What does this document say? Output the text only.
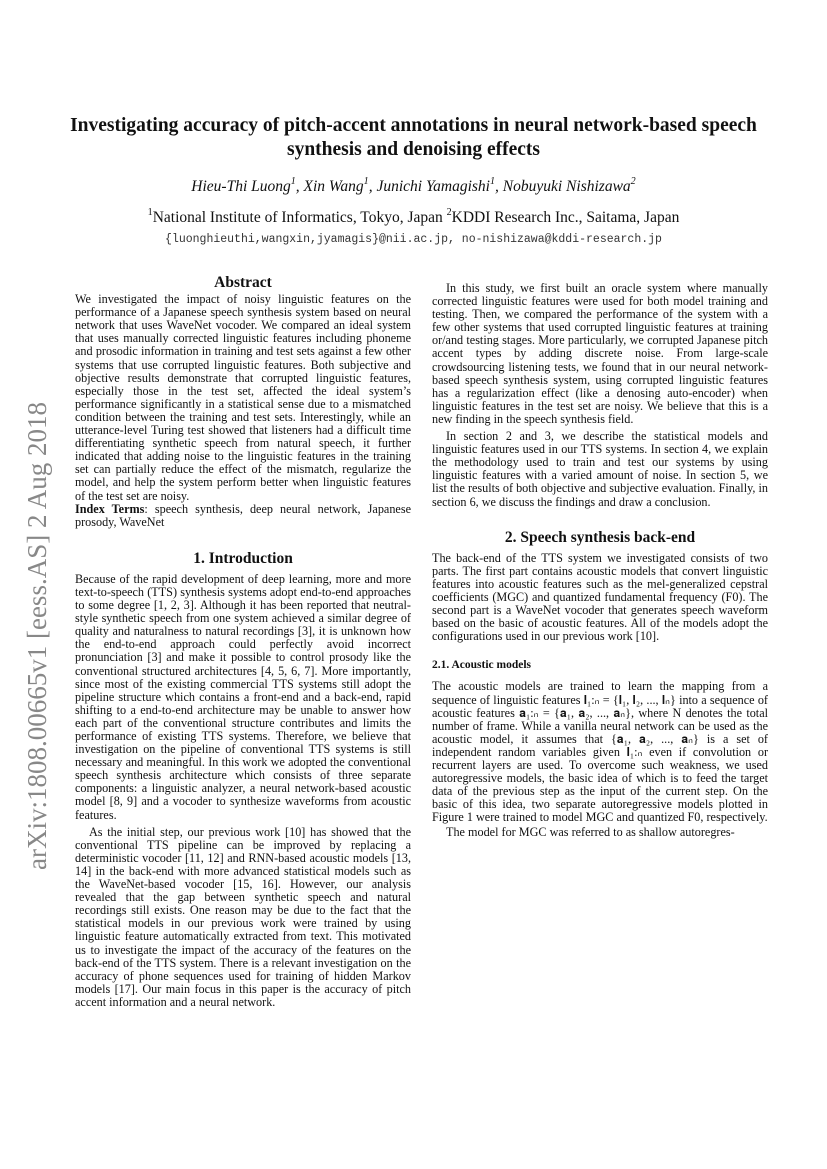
arXiv:1808.00665v1 [eess.AS] 2 Aug 2018
Investigating accuracy of pitch-accent annotations in neural network-based speech synthesis and denoising effects
Hieu-Thi Luong$^1$, Xin Wang$^1$, Junichi Yamagishi$^1$, Nobuyuki Nishizawa$^2$
$^1$National Institute of Informatics, Tokyo, Japan $^2$KDDI Research Inc., Saitama, Japan
{luonghieuthi,wangxin,jyamagis}@nii.ac.jp, no-nishizawa@kddi-research.jp
Abstract

We investigated the impact of noisy linguistic features on the performance of a Japanese speech synthesis system based on neural network that uses WaveNet vocoder. We compared an ideal system that uses manually corrected linguistic features including phoneme and prosodic information in training and test sets against a few other systems that use corrupted linguistic features. Both subjective and objective results demonstrate that corrupted linguistic features, especially those in the test set, affected the ideal system’s performance significantly in a statistical sense due to a mismatched condition between the training and test sets. Interestingly, while an utterance-level Turing test showed that listeners had a difficult time differentiating synthetic speech from natural speech, it further indicated that adding noise to the linguistic features in the training set can partially reduce the effect of the mismatch, regularize the model, and help the system perform better when linguistic features of the test set are noisy.

Index Terms: speech synthesis, deep neural network, Japanese prosody, WaveNet

1. Introduction

Because of the rapid development of deep learning, more and more text-to-speech (TTS) synthesis systems adopt end-to-end approaches to some degree [1, 2, 3]. Although it has been reported that neutral-style synthetic speech from one system achieved a similar degree of quality and naturalness to natural recordings [3], it is unknown how the end-to-end approach could perfectly avoid incorrect pronunciation [3] and make it possible to control prosody like the conventional structured architectures [4, 5, 6, 7]. More importantly, since most of the existing commercial TTS systems still adopt the pipeline structure which contains a front-end and a back-end, rapid shifting to a end-to-end architecture may be unable to answer how each part of the conventional structure contributes and limits the performance of existing TTS systems. Therefore, we believe that investigation on the pipeline of conventional TTS systems is still necessary and meaningful. In this work we adopted the conventional speech synthesis architecture which consists of three separate components: a linguistic analyzer, a neural network-based acoustic model [8, 9] and a vocoder to synthesize waveforms from acoustic features.

As the initial step, our previous work [10] has showed that the conventional TTS pipeline can be improved by replacing a deterministic vocoder [11, 12] and RNN-based acoustic models [13, 14] in the back-end with more advanced statistical models such as the WaveNet-based vocoder [15, 16]. However, our analysis revealed that the gap between synthetic speech and natural recordings still exists. One reason may be due to the fact that the statistical models in our previous work were trained by using linguistic feature automatically extracted from text. This motivated us to investigate the impact of the accuracy of the features on the back-end of the TTS system. There is a relevant investigation on the accuracy of phone sequences used for training of hidden Markov models [17]. Our main focus in this paper is the accuracy of pitch accent information and a neural network.

In this study, we first built an oracle system where manually corrected linguistic features were used for both model training and testing. Then, we compared the performance of the system with a few other systems that used corrupted linguistic features at training or/and testing stages. More particularly, we corrupted Japanese pitch accent types by adding discrete noise. From large-scale crowdsourcing listening tests, we found that in our neural network-based speech synthesis system, using corrupted linguistic features has a regularization effect (like a denosing auto-encoder) when linguistic features in the test set are noisy. We believe that this is a new finding in the speech synthesis field.

In section 2 and 3, we describe the statistical models and linguistic features used in our TTS systems. In section 4, we explain the methodology used to train and test our systems by using linguistic features with a varied amount of noise. In section 5, we list the results of both objective and subjective evaluation. Finally, in section 6, we discuss the findings and draw a conclusion.

2. Speech synthesis back-end

The back-end of the TTS system we investigated consists of two parts. The first part contains acoustic models that convert linguistic features into acoustic features such as the mel-generalized cepstral coefficients (MGC) and quantized fundamental frequency (F0). The second part is a WaveNet vocoder that generates speech waveform based on the basic of acoustic features. All of the models adopt the configurations used in our previous work [10].

2.1. Acoustic models

The acoustic models are trained to learn the mapping from a sequence of linguistic features 𝐥₁:ₙ = {𝐥₁, 𝐥₂, ..., 𝐥ₙ} into a sequence of acoustic features 𝐚₁:ₙ = {𝐚₁, 𝐚₂, ..., 𝐚ₙ}, where N denotes the total number of frame. While a vanilla neural network can be used as the acoustic model, it assumes that {𝐚₁, 𝐚₂, ..., 𝐚ₙ} is a set of independent random variables given 𝐥₁:ₙ even if convolution or recurrent layers are used. To overcome such weakness, we used autoregressive models, the basic idea of which is to feed the target data of the previous step as the input of the current step. On the basic of this idea, two separate autoregressive models plotted in Figure 1 were trained to model MGC and quantized F0, respectively.

The model for MGC was referred to as shallow autoregres-
